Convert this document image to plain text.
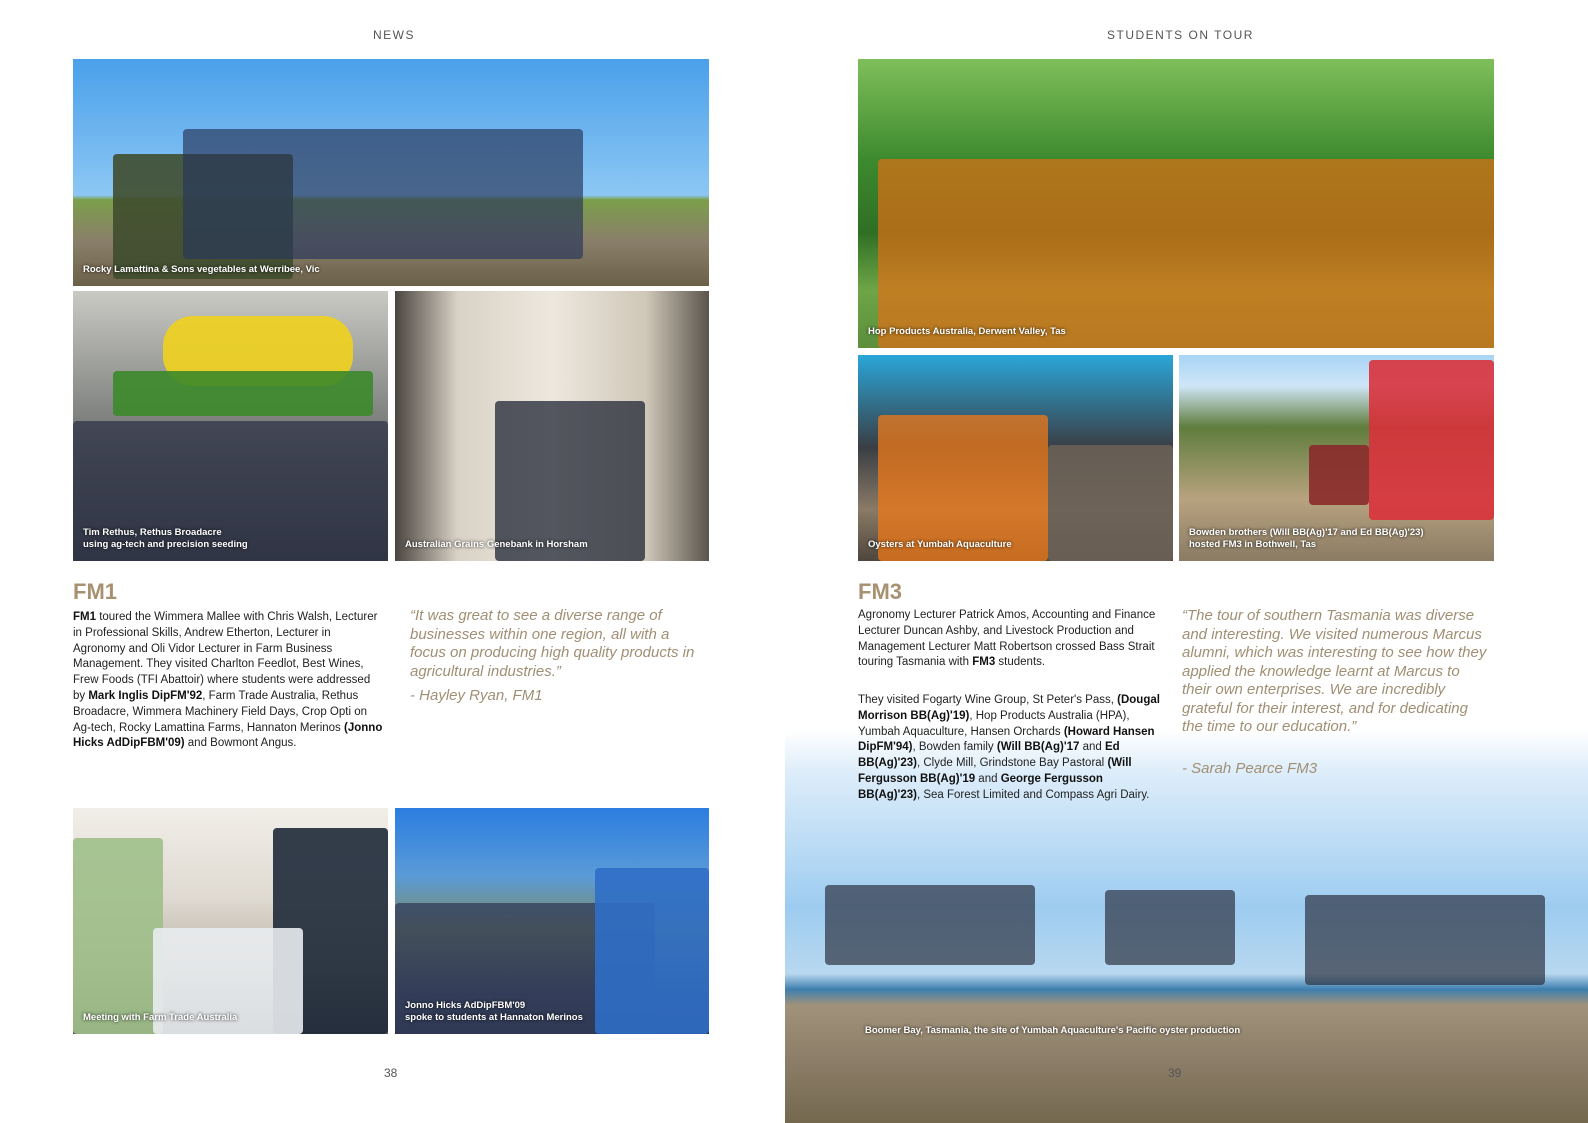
NEWS
Rocky Lamattina & Sons vegetables at Werribee, Vic
Tim Rethus, Rethus Broadacre
using ag-tech and precision seeding	Australian Grains Genebank in Horsham
FM1
FM1 toured the Wimmera Mallee with Chris Walsh, Lecturer in Professional Skills, Andrew Etherton, Lecturer in Agronomy and Oli Vidor Lecturer in Farm Business Management. They visited Charlton Feedlot, Best Wines, Frew Foods (TFI Abattoir) where students were addressed by Mark Inglis DipFM'92, Farm Trade Australia, Rethus Broadacre, Wimmera Machinery Field Days, Crop Opti on Ag-tech, Rocky Lamattina Farms, Hannaton Merinos (Jonno Hicks AdDipFBM'09) and Bowmont Angus.
“It was great to see a diverse range of businesses within one region, all with a focus on producing high quality products in agricultural industries.”
- Hayley Ryan, FM1
Meeting with Farm Trade Australia
Jonno Hicks AdDipFBM'09
spoke to students at Hannaton Merinos
38
Boomer Bay, Tasmania, the site of Yumbah Aquaculture's Pacific oyster production
STUDENTS ON TOUR
Hop Products Australia, Derwent Valley, Tas
Oysters at Yumbah Aquaculture
Bowden brothers (Will BB(Ag)'17 and Ed BB(Ag)'23)
hosted FM3 in Bothwell, Tas
FM3
Agronomy Lecturer Patrick Amos, Accounting and Finance Lecturer Duncan Ashby, and Livestock Production and Management Lecturer Matt Robertson crossed Bass Strait touring Tasmania with FM3 students.
They visited Fogarty Wine Group, St Peter's Pass, (Dougal Morrison BB(Ag)'19), Hop Products Australia (HPA), Yumbah Aquaculture, Hansen Orchards (Howard Hansen DipFM'94), Bowden family (Will BB(Ag)'17 and Ed BB(Ag)'23), Clyde Mill, Grindstone Bay Pastoral (Will Fergusson BB(Ag)'19 and George Fergusson BB(Ag)'23), Sea Forest Limited and Compass Agri Dairy.
“The tour of southern Tasmania was diverse and interesting. We visited numerous Marcus alumni, which was interesting to see how they applied the knowledge learnt at Marcus to their own enterprises. We are incredibly grateful for their interest, and for dedicating the time to our education.”
- Sarah Pearce FM3
39
